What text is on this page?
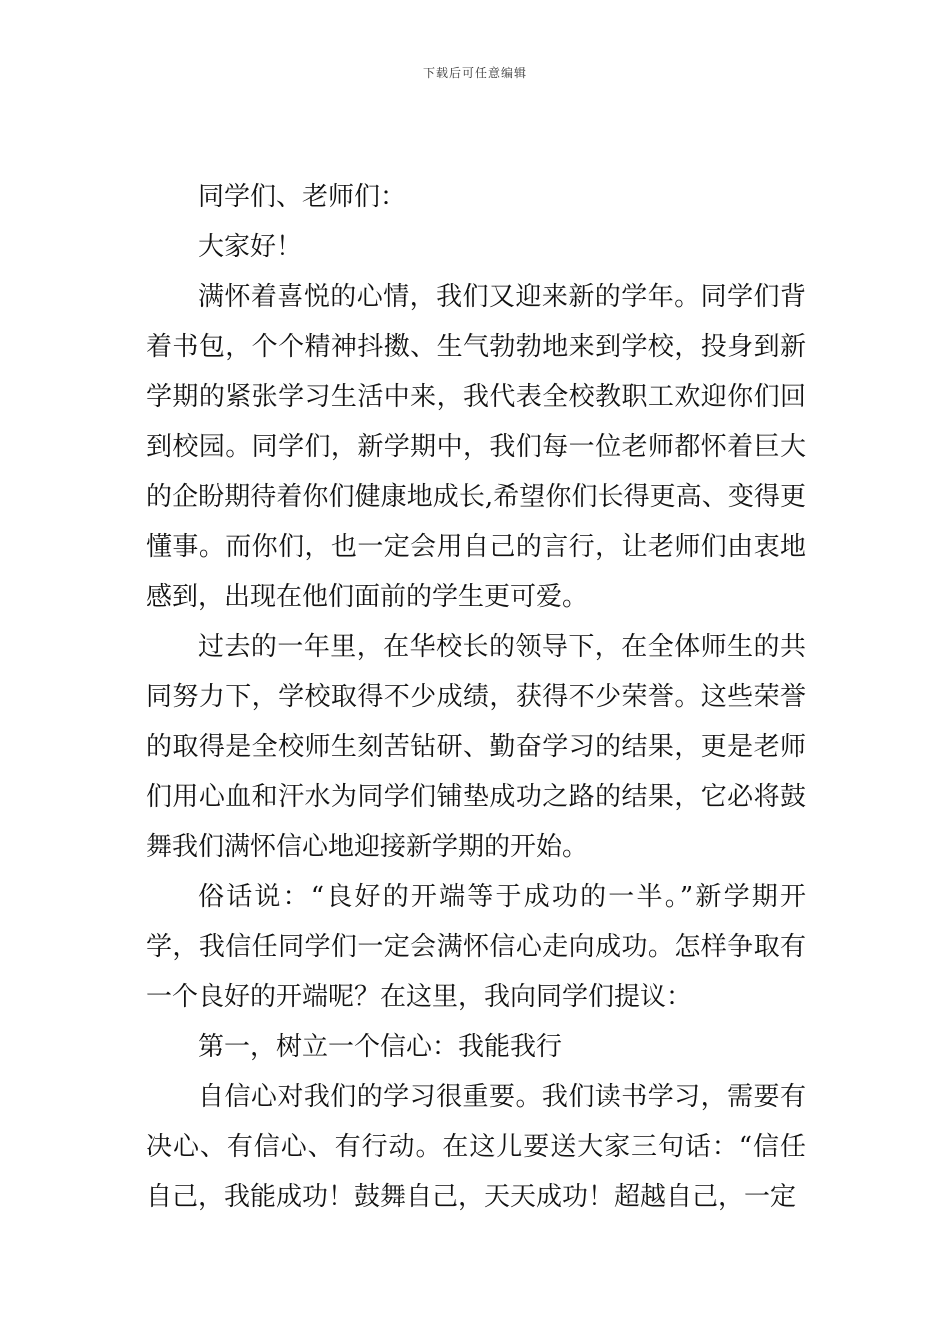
下载后可任意编辑

同学们、老师们：

大家好！

满怀着喜悦的心情，我们又迎来新的学年。同学们背着书包，个个精神抖擞、生气勃勃地来到学校，投身到新学期的紧张学习生活中来，我代表全校教职工欢迎你们回到校园。同学们，新学期中，我们每一位老师都怀着巨大的企盼期待着你们健康地成长,希望你们长得更高、变得更懂事。而你们，也一定会用自己的言行，让老师们由衷地感到，出现在他们面前的学生更可爱。

过去的一年里，在华校长的领导下，在全体师生的共同努力下，学校取得不少成绩，获得不少荣誉。这些荣誉的取得是全校师生刻苦钻研、勤奋学习的结果，更是老师们用心血和汗水为同学们铺垫成功之路的结果，它必将鼓舞我们满怀信心地迎接新学期的开始。

俗话说：“良好的开端等于成功的一半。”新学期开学，我信任同学们一定会满怀信心走向成功。怎样争取有一个良好的开端呢？在这里，我向同学们提议：

第一，树立一个信心：我能我行

自信心对我们的学习很重要。我们读书学习，需要有决心、有信心、有行动。在这儿要送大家三句话：“信任自己，我能成功！鼓舞自己，天天成功！超越自己，一定
